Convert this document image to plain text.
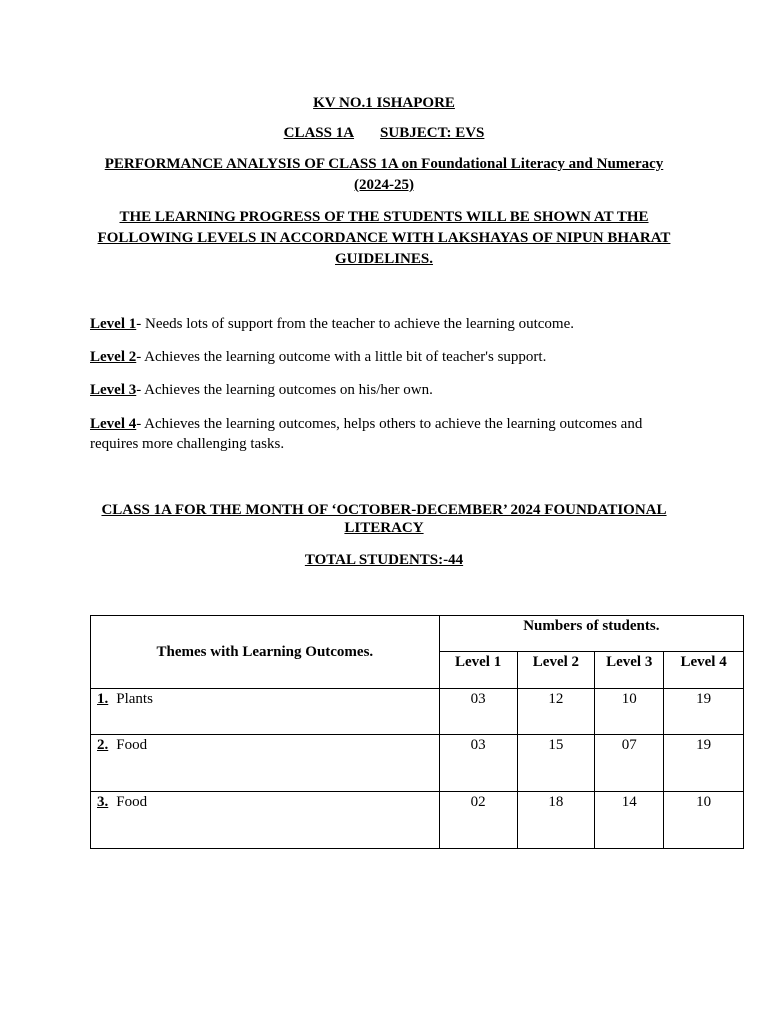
KV NO.1 ISHAPORE
CLASS 1A SUBJECT: EVS
PERFORMANCE ANALYSIS OF CLASS 1A on Foundational Literacy and Numeracy
(2024-25)
THE LEARNING PROGRESS OF THE STUDENTS WILL BE SHOWN AT THE
FOLLOWING LEVELS IN ACCORDANCE WITH LAKSHAYAS OF NIPUN BHARAT
GUIDELINES.
Level 1- Needs lots of support from the teacher to achieve the learning outcome.
Level 2- Achieves the learning outcome with a little bit of teacher's support.
Level 3- Achieves the learning outcomes on his/her own.
Level 4- Achieves the learning outcomes, helps others to achieve the learning outcomes and requires more challenging tasks.
CLASS 1A FOR THE MONTH OF ‘OCTOBER-DECEMBER’ 2024 FOUNDATIONAL
LITERACY
TOTAL STUDENTS:-44
Themes with Learning Outcomes.	Numbers of students.			
	Level 1	Level 2	Level 3	Level 4
1. Plants	03	12	10	19
2. Food	03	15	07	19
3. Food	02	18	14	10
